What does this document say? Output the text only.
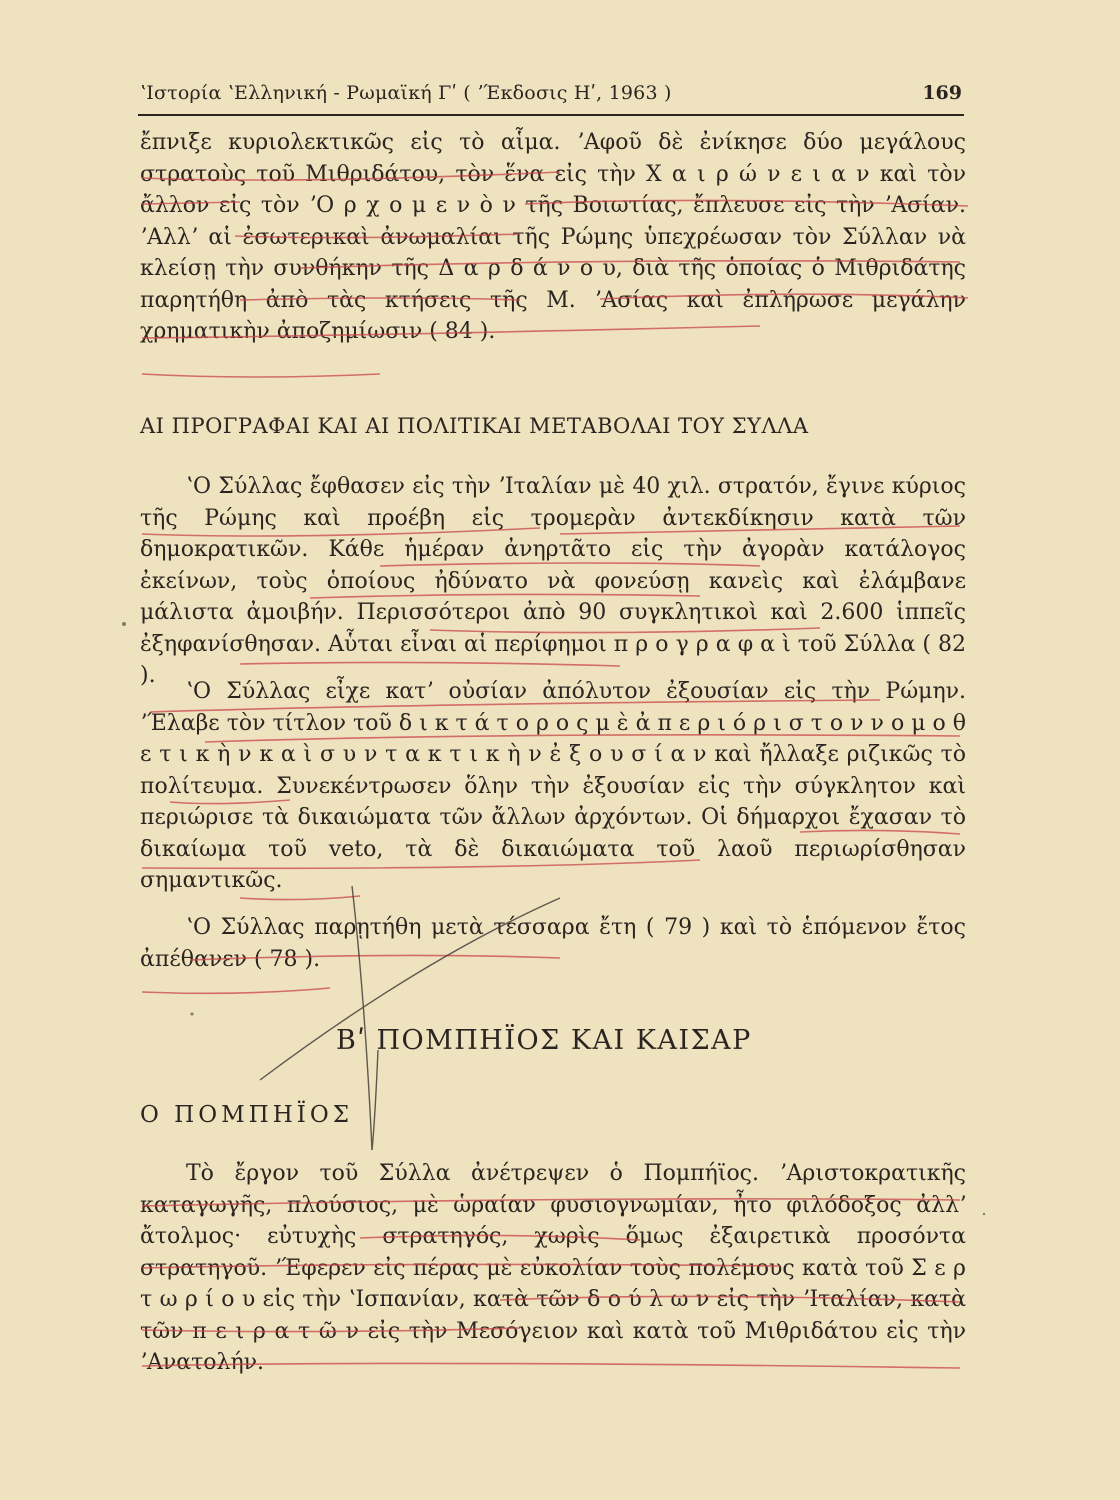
ʽΙστορία ʽΕλληνική - Ρωμαϊκή Γʹ ( ʼΈκδοσις Ηʹ, 1963 )	169

ἔπνιξε κυριολεκτικῶς εἰς τὸ αἷμα. ʼΑφοῦ δὲ ἐνίκησε δύο μεγάλους στρατοὺς τοῦ Μιθριδάτου, τὸν ἕνα εἰς τὴν Χ α ι ρ ώ ν ε ι α ν καὶ τὸν ἄλλον εἰς τὸν ʼΟ ρ χ ο μ ε ν ὸ ν τῆς Βοιωτίας, ἔπλευσε εἰς τὴν ʼΑσίαν. ʼΑλλʼ αἱ ἐσωτερικαὶ ἀνωμαλίαι τῆς Ρώμης ὑπεχρέωσαν τὸν Σύλλαν νὰ κλείσῃ τὴν συνθήκην τῆς Δ α ρ δ ά ν ο υ, διὰ τῆς ὁποίας ὁ Μιθριδάτης παρητήθη ἀπὸ τὰς κτήσεις τῆς Μ. ʼΑσίας καὶ ἐπλήρωσε μεγάλην χρηματικὴν ἀποζημίωσιν ( 84 ).

ΑΙ ΠΡΟΓΡΑΦΑΙ ΚΑΙ ΑΙ ΠΟΛΙΤΙΚΑΙ ΜΕΤΑΒΟΛΑΙ ΤΟΥ ΣΥΛΛΑ

ʽΟ Σύλλας ἔφθασεν εἰς τὴν ʼΙταλίαν μὲ 40 χιλ. στρατόν, ἔγινε κύριος τῆς Ρώμης καὶ προέβη εἰς τρομερὰν ἀντεκδίκησιν κατὰ τῶν δημοκρατικῶν. Κάθε ἡμέραν ἀνηρτᾶτο εἰς τὴν ἀγορὰν κατάλογος ἐκείνων, τοὺς ὁποίους ἠδύνατο νὰ φονεύσῃ κανεὶς καὶ ἐλάμβανε μάλιστα ἀμοιβήν. Περισσότεροι ἀπὸ 90 συγκλητικοὶ καὶ 2.600 ἱππεῖς ἐξηφανίσθησαν. Αὗται εἶναι αἱ περίφημοι π ρ ο γ ρ α φ α ὶ τοῦ Σύλλα ( 82 ).

ʽΟ Σύλλας εἶχε κατʼ οὐσίαν ἀπόλυτον ἐξουσίαν εἰς τὴν Ρώμην. ʼΈλαβε τὸν τίτλον τοῦ δ ι κ τ ά τ ο ρ ο ς μ ὲ ἀ π ε ρ ι ό ρ ι σ τ ο ν ν ο μ ο θ ε τ ι κ ὴ ν κ α ὶ σ υ ν τ α κ τ ι κ ὴ ν ἐ ξ ο υ σ ί α ν καὶ ἤλλαξε ριζικῶς τὸ πολίτευμα. Συνεκέντρωσεν ὅλην τὴν ἐξουσίαν εἰς τὴν σύγκλητον καὶ περιώρισε τὰ δικαιώματα τῶν ἄλλων ἀρχόντων. Οἱ δήμαρχοι ἔχασαν τὸ δικαίωμα τοῦ veto, τὰ δὲ δικαιώματα τοῦ λαοῦ περιωρίσθησαν σημαντικῶς.

ʽΟ Σύλλας παρῃτήθη μετὰ τέσσαρα ἔτη ( 79 ) καὶ τὸ ἑπόμενον ἔτος ἀπέθανεν ( 78 ).

Βʹ ΠΟΜΠΗΪΟΣ ΚΑΙ ΚΑΙΣΑΡ
Ο ΠΟΜΠΗΪΟΣ

Τὸ ἔργον τοῦ Σύλλα ἀνέτρεψεν ὁ Πομπήϊος. ʼΑριστοκρατικῆς καταγωγῆς, πλούσιος, μὲ ὡραίαν φυσιογνωμίαν, ἦτο φιλόδοξος ἀλλʼ ἄτολμος· εὐτυχὴς στρατηγός, χωρὶς ὅμως ἐξαιρετικὰ προσόντα στρατηγοῦ. ʼΈφερεν εἰς πέρας μὲ εὐκολίαν τοὺς πολέμους κατὰ τοῦ Σ ε ρ τ ω ρ ί ο υ εἰς τὴν ʽΙσπανίαν, κατὰ τῶν δ ο ύ λ ω ν εἰς τὴν ʼΙταλίαν, κατὰ τῶν π ε ι ρ α τ ῶ ν εἰς τὴν Μεσόγειον καὶ κατὰ τοῦ Μιθριδάτου εἰς τὴν ʼΑνατολήν.
